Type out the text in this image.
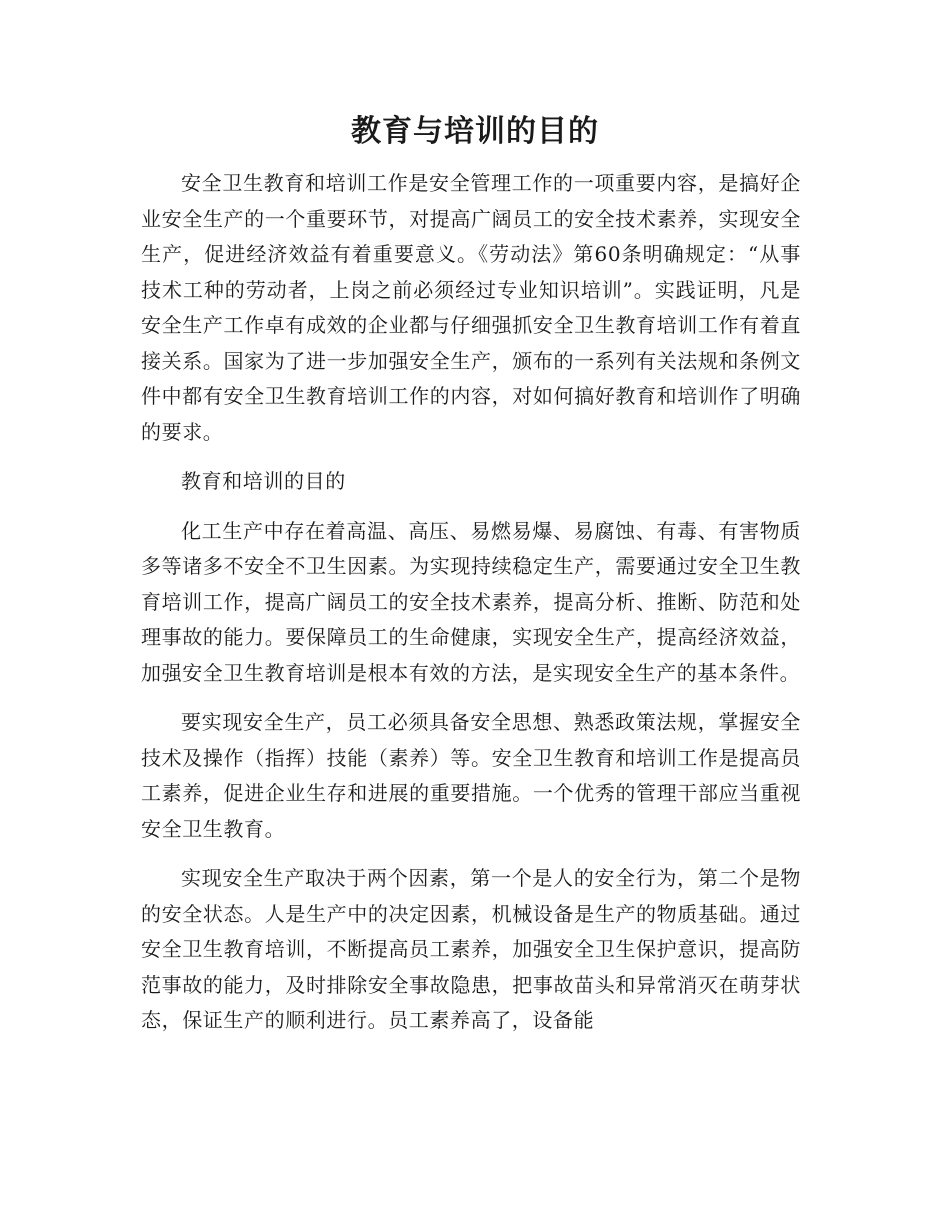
教育与培训的目的

安全卫生教育和培训工作是安全管理工作的一项重要内容，是搞好企业安全生产的一个重要环节，对提高广阔员工的安全技术素养，实现安全生产，促进经济效益有着重要意义。《劳动法》第60条明确规定：“从事技术工种的劳动者，上岗之前必须经过专业知识培训”。实践证明，凡是安全生产工作卓有成效的企业都与仔细强抓安全卫生教育培训工作有着直接关系。国家为了进一步加强安全生产，颁布的一系列有关法规和条例文件中都有安全卫生教育培训工作的内容，对如何搞好教育和培训作了明确的要求。

教育和培训的目的

化工生产中存在着高温、高压、易燃易爆、易腐蚀、有毒、有害物质多等诸多不安全不卫生因素。为实现持续稳定生产，需要通过安全卫生教育培训工作，提高广阔员工的安全技术素养，提高分析、推断、防范和处理事故的能力。要保障员工的生命健康，实现安全生产，提高经济效益，加强安全卫生教育培训是根本有效的方法，是实现安全生产的基本条件。

要实现安全生产，员工必须具备安全思想、熟悉政策法规，掌握安全技术及操作（指挥）技能（素养）等。安全卫生教育和培训工作是提高员工素养，促进企业生存和进展的重要措施。一个优秀的管理干部应当重视安全卫生教育。

实现安全生产取决于两个因素，第一个是人的安全行为，第二个是物的安全状态。人是生产中的决定因素，机械设备是生产的物质基础。通过安全卫生教育培训，不断提高员工素养，加强安全卫生保护意识，提高防范事故的能力，及时排除安全事故隐患，把事故苗头和异常消灭在萌芽状态，保证生产的顺利进行。员工素养高了，设备能
